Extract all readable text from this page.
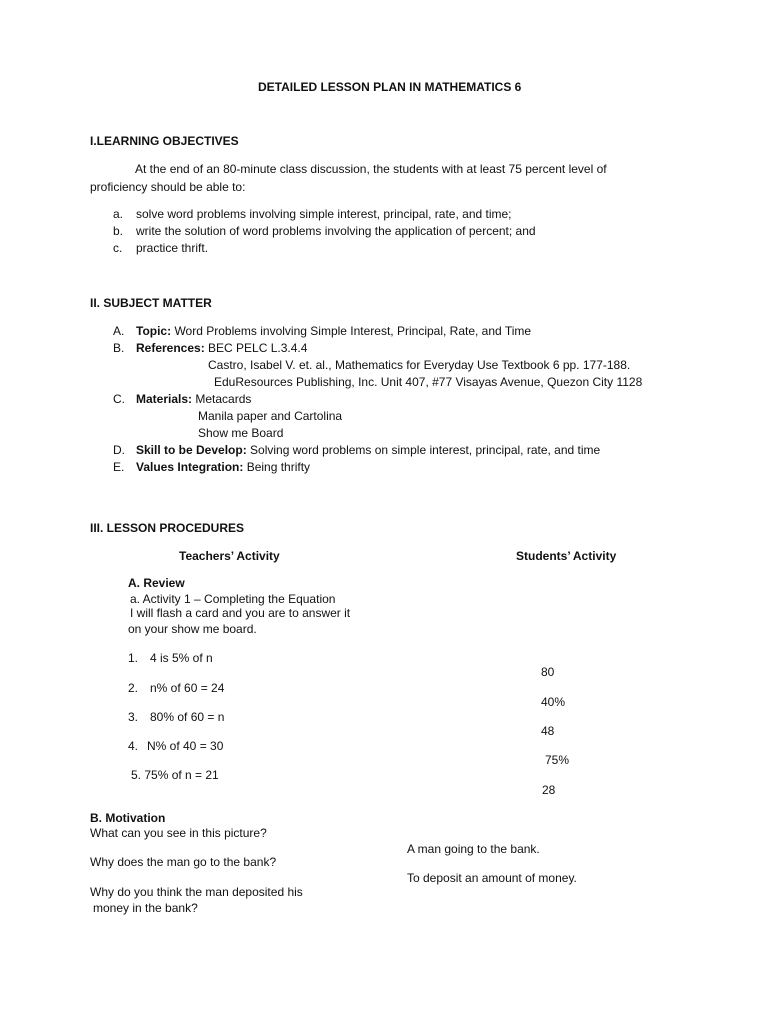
DETAILED LESSON PLAN IN MATHEMATICS 6
I.LEARNING OBJECTIVES
At the end of an 80-minute class discussion, the students with at least 75 percent level of
proficiency should be able to:
a. solve word problems involving simple interest, principal, rate, and time;
b. write the solution of word problems involving the application of percent; and
c. practice thrift.
II. SUBJECT MATTER
A. Topic: Word Problems involving Simple Interest, Principal, Rate, and Time
B. References: BEC PELC L.3.4.4
Castro, Isabel V. et. al., Mathematics for Everyday Use Textbook 6 pp. 177-188.
EduResources Publishing, Inc. Unit 407, #77 Visayas Avenue, Quezon City 1128
C. Materials: Metacards
Manila paper and Cartolina
Show me Board
D. Skill to be Develop: Solving word problems on simple interest, principal, rate, and time
E. Values Integration: Being thrifty
III. LESSON PROCEDURES
Teachers’ Activity	Students’ Activity
A. Review
a. Activity 1 – Completing the Equation
I will flash a card and you are to answer it
on your show me board.
1. 4 is 5% of n
2. n% of 60 = 24
3. 80% of 60 = n
4. N% of 40 = 30
5. 75% of n = 21
80
40%
48
75%
28
B. Motivation
What can you see in this picture?
A man going to the bank.
Why does the man go to the bank?
To deposit an amount of money.
Why do you think the man deposited his
money in the bank?
